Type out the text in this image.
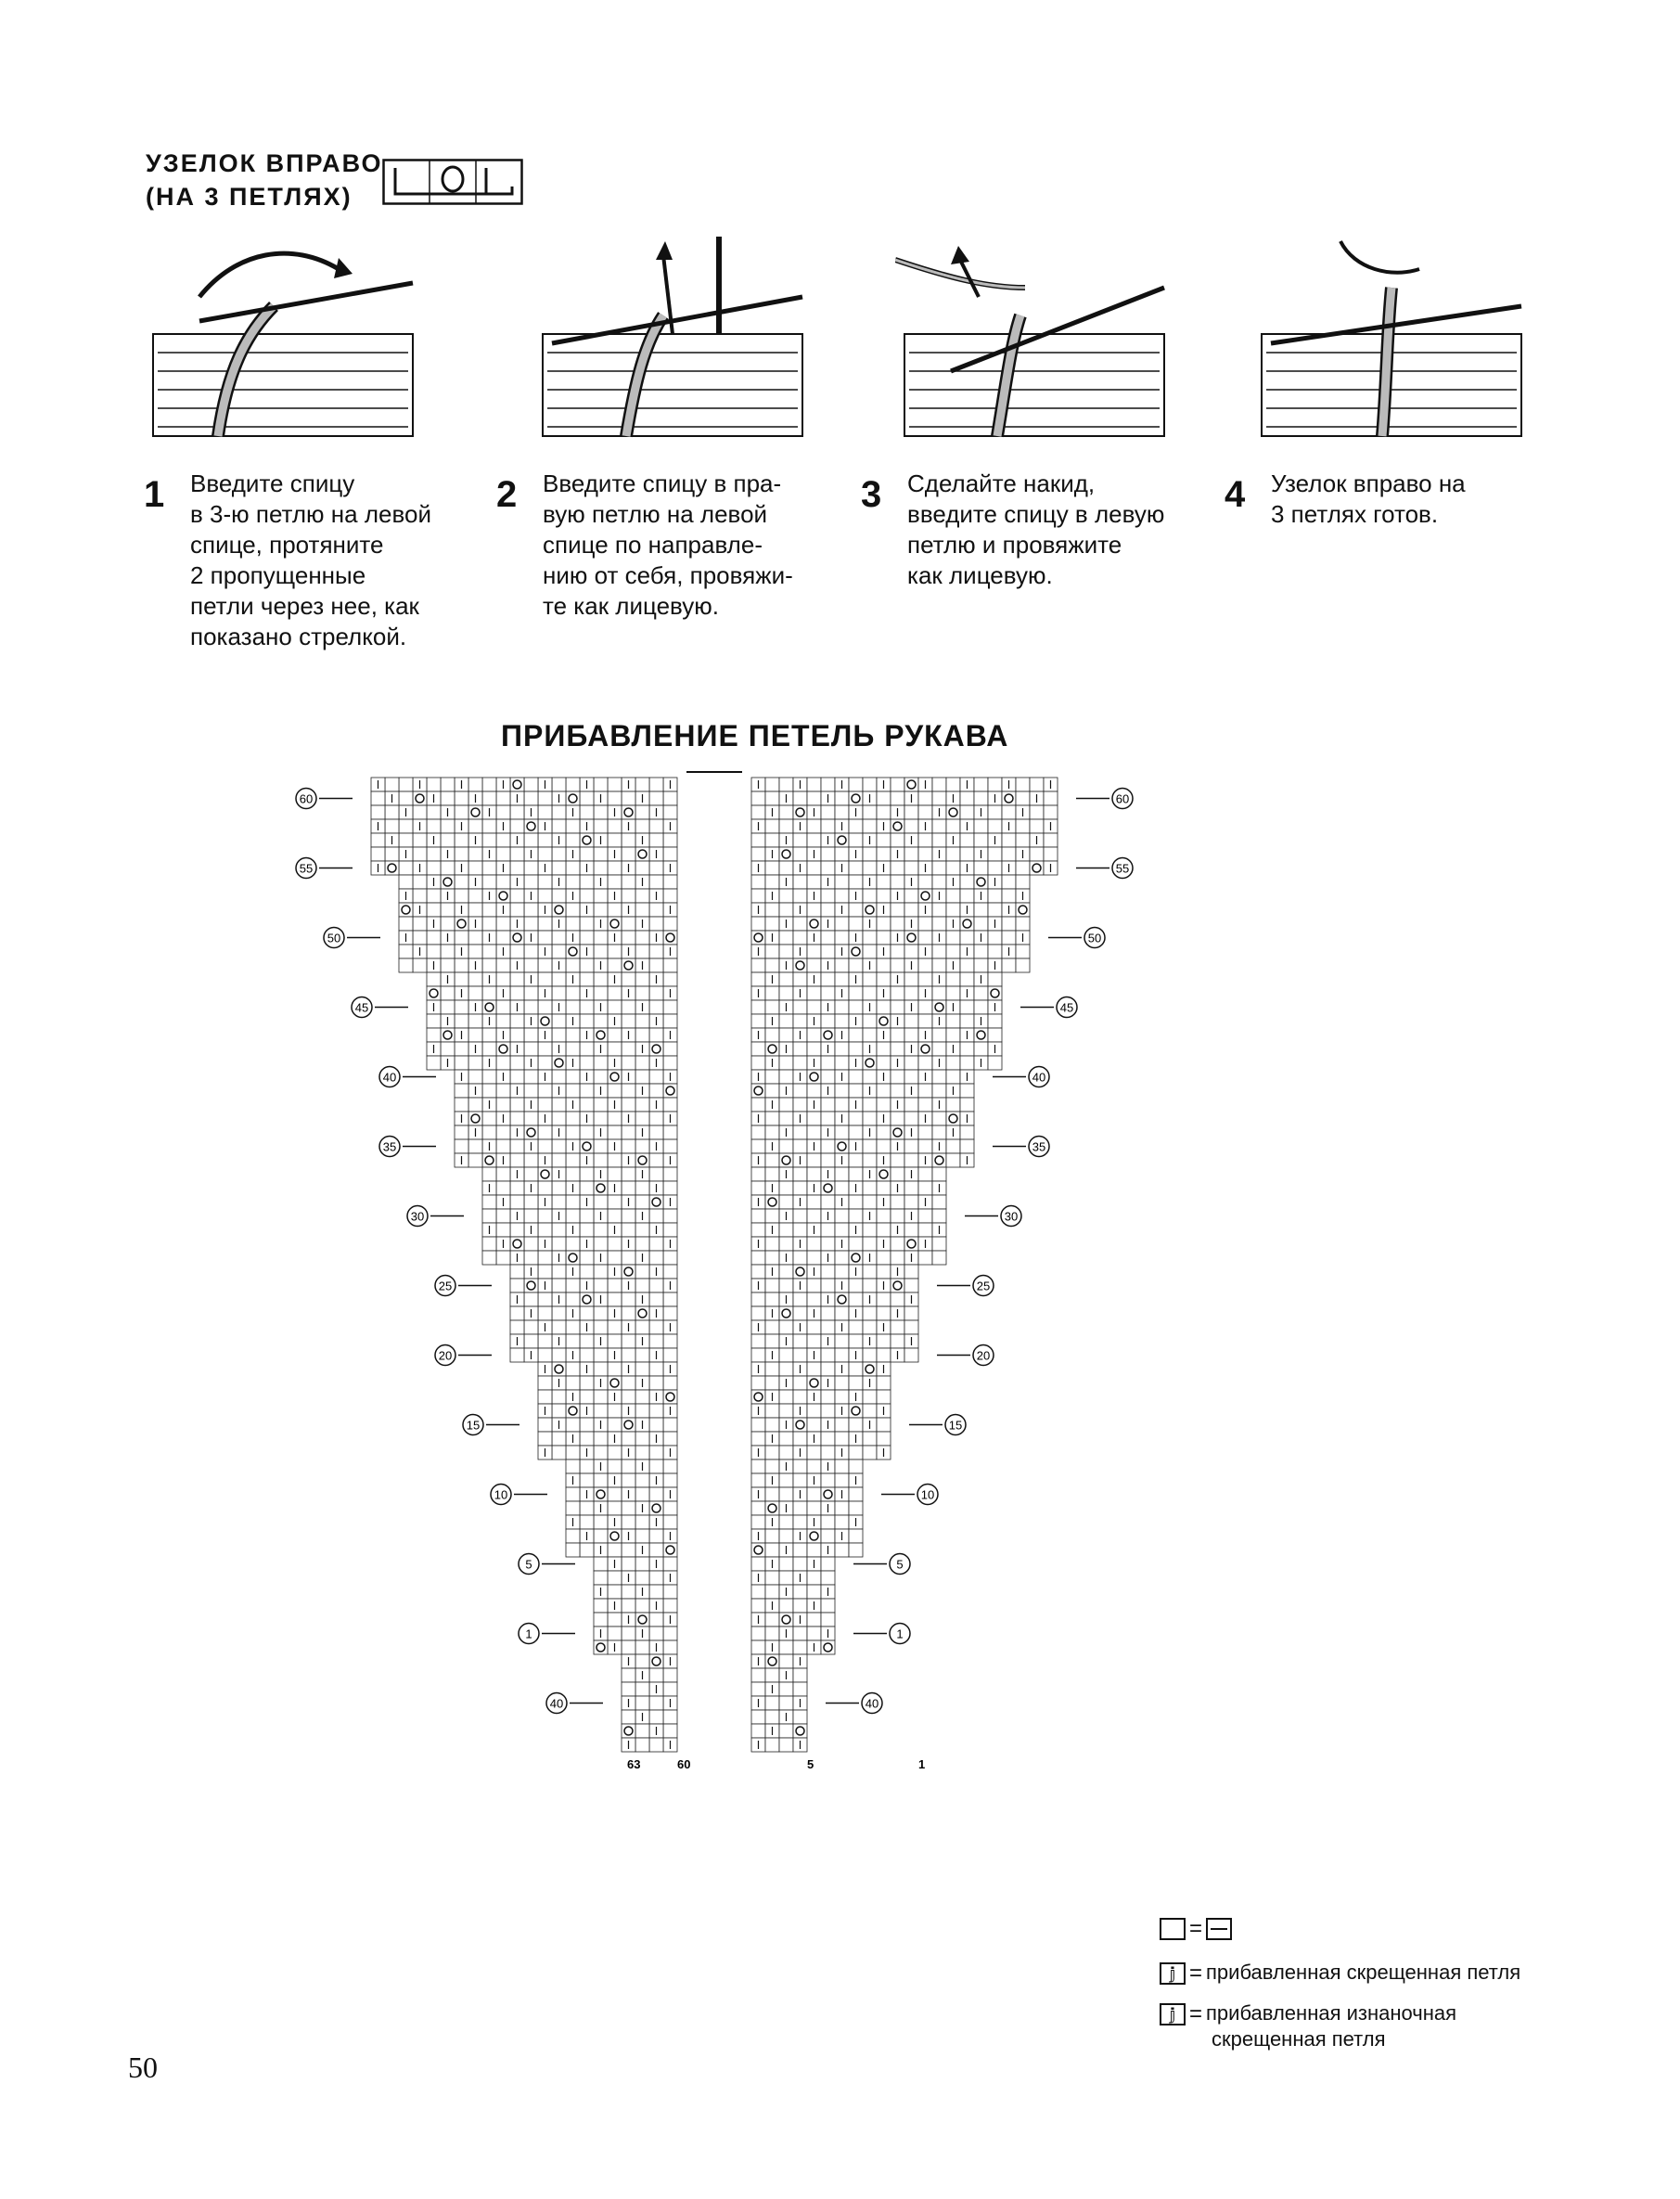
УЗЕЛОК ВПРАВО
(НА 3 ПЕТЛЯХ)
1 Введите спицу
в 3-ю петлю на левой
спице, протяните
2 пропущенные
петли через нее, как
показано стрелкой.
2 Введите спицу в пра-
вую петлю на левой
спице по направле-
нию от себя, провяжи-
те как лицевую.
3 Сделайте накид,
введите спицу в левую
петлю и провяжите
как лицевую.
4 Узелок вправо на
3 петлях готов.
ПРИБАВЛЕНИЕ ПЕТЕЛЬ РУКАВА
60	60
55	55
50	50
45	45
40	40
35	35
30	30
25	25
20	20
15	15
10	10
5	5
1	1
40	40
63	60	5	1
=
𝕛 = прибавленная скрещенная петля
𝕛 = прибавленная изнаночная
скрещенная петля
50
